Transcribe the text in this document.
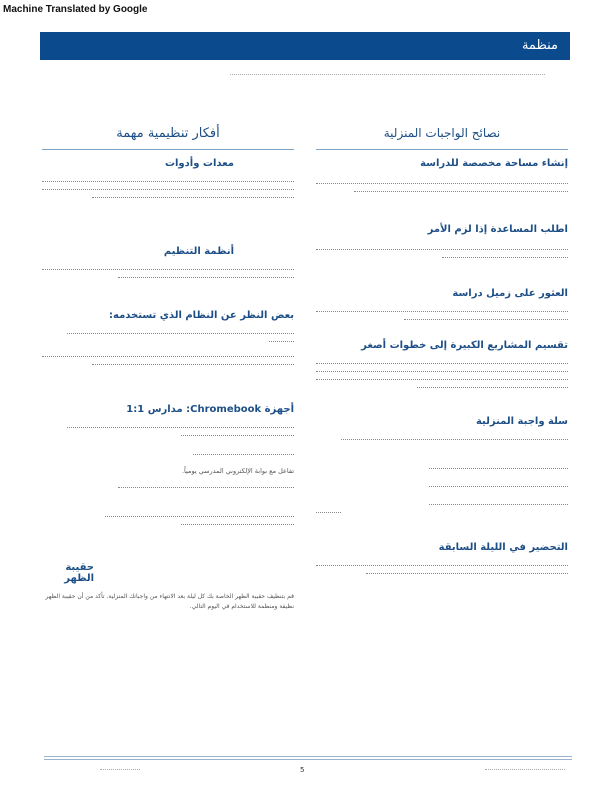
Machine Translated by Google
منظمة
نصائح الواجبات المنزلية

إنشاء مساحة مخصصة للدراسة

اطلب المساعدة إذا لزم الأمر

العثور على زميل دراسة

تقسيم المشاريع الكبيرة إلى خطوات أصغر

سلة واجبة المنزلية

التحضير في الليلة السابقة

أفكار تنظيمية مهمة

معدات وأدوات

أنظمة التنظيم

بعض النظر عن النظام الذي تستخدمه:

أجهزة Chromebook: مدارس 1:1

تفاعل مع بوابة الإلكتروني المدرسي يومياً.

حقيبة الظهر

قم بتنظيف حقيبة الظهر الخاصة بك كل ليلة بعد الانتهاء من واجباتك المنزلية. تأكد من أن حقيبة الظهر نظيفة ومنظمة للاستخدام في اليوم التالي.
5
